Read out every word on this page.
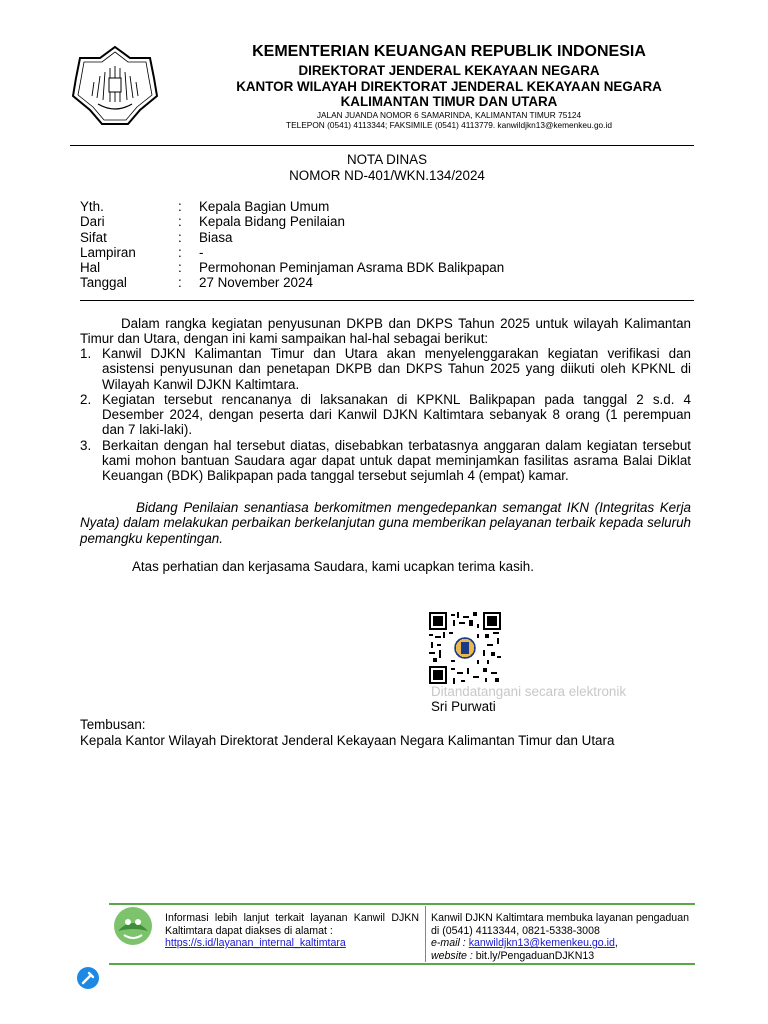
KEMENTERIAN KEUANGAN REPUBLIK INDONESIA
DIREKTORAT JENDERAL KEKAYAAN NEGARA
KANTOR WILAYAH DIREKTORAT JENDERAL KEKAYAAN NEGARA
KALIMANTAN TIMUR DAN UTARA
JALAN JUANDA NOMOR 6 SAMARINDA, KALIMANTAN TIMUR 75124
TELEPON (0541) 4113344; FAKSIMILE (0541) 4113779. kanwildjkn13@kemenkeu.go.id
NOTA DINAS
NOMOR ND-401/WKN.134/2024
Yth.	: Kepala Bagian Umum
Dari	: Kepala Bidang Penilaian
Sifat	: Biasa
Lampiran	: -
Hal	: Permohonan Peminjaman Asrama BDK Balikpapan
Tanggal	: 27 November 2024
Dalam rangka kegiatan penyusunan DKPB dan DKPS Tahun 2025 untuk wilayah Kalimantan Timur dan Utara, dengan ini kami sampaikan hal-hal sebagai berikut:
1. Kanwil DJKN Kalimantan Timur dan Utara akan menyelenggarakan kegiatan verifikasi dan asistensi penyusunan dan penetapan DKPB dan DKPS Tahun 2025 yang diikuti oleh KPKNL di Wilayah Kanwil DJKN Kaltimtara.
2. Kegiatan tersebut rencananya di laksanakan di KPKNL Balikpapan pada tanggal 2 s.d. 4 Desember 2024, dengan peserta dari Kanwil DJKN Kaltimtara sebanyak 8 orang (1 perempuan dan 7 laki-laki).
3. Berkaitan dengan hal tersebut diatas, disebabkan terbatasnya anggaran dalam kegiatan tersebut kami mohon bantuan Saudara agar dapat untuk dapat meminjamkan fasilitas asrama Balai Diklat Keuangan (BDK) Balikpapan pada tanggal tersebut sejumlah 4 (empat) kamar.
Bidang Penilaian senantiasa berkomitmen mengedepankan semangat IKN (Integritas Kerja Nyata) dalam melakukan perbaikan berkelanjutan guna memberikan pelayanan terbaik kepada seluruh pemangku kepentingan.
Atas perhatian dan kerjasama Saudara, kami ucapkan terima kasih.
Ditandatangani secara elektronik
Sri Purwati
Tembusan:
Kepala Kantor Wilayah Direktorat Jenderal Kekayaan Negara Kalimantan Timur dan Utara
Informasi lebih lanjut terkait layanan Kanwil DJKN Kaltimtara dapat diakses di alamat :
https://s.id/layanan_internal_kaltimtara
Kanwil DJKN Kaltimtara membuka layanan pengaduan di (0541) 4113344, 0821-5338-3008
e-mail : kanwildjkn13@kemenkeu.go.id,
website : bit.ly/PengaduanDJKN13
